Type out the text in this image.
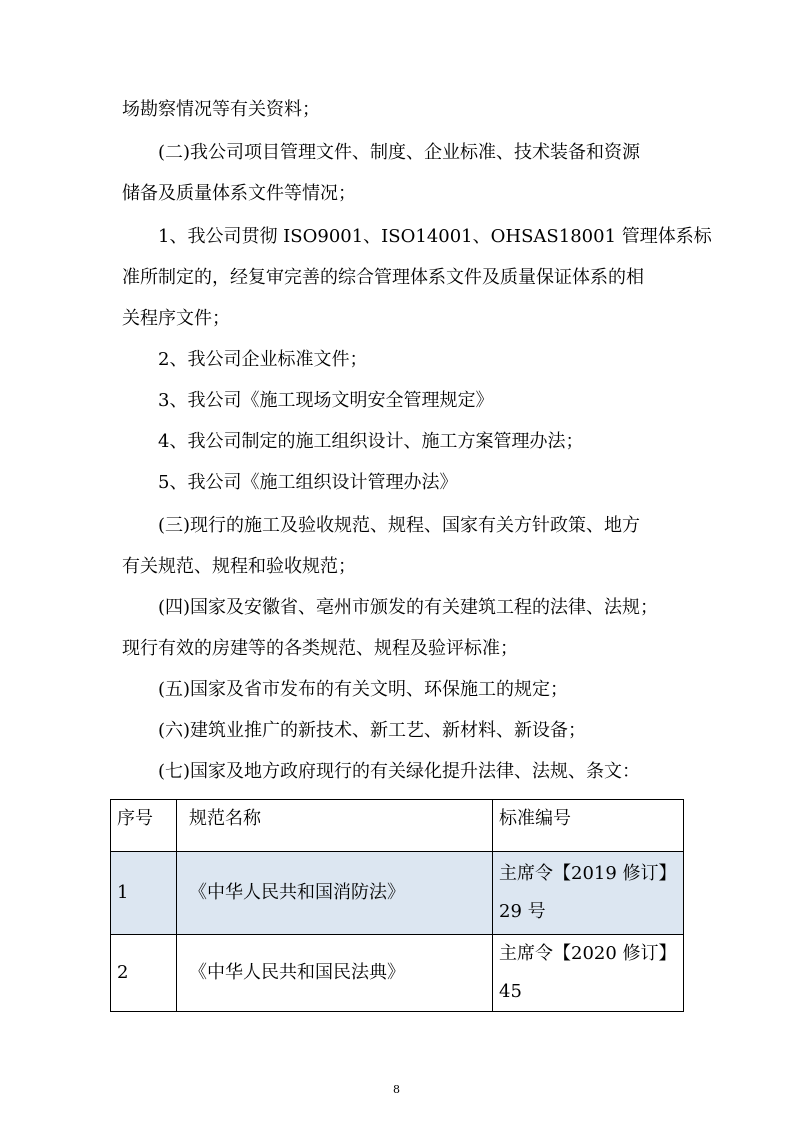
场勘察情况等有关资料；
(二)我公司项目管理文件、制度、企业标准、技术装备和资源
储备及质量体系文件等情况；
1、我公司贯彻 ISO9001、ISO14001、OHSAS18001 管理体系标
准所制定的，经复审完善的综合管理体系文件及质量保证体系的相
关程序文件；
2、我公司企业标准文件；
3、我公司《施工现场文明安全管理规定》
4、我公司制定的施工组织设计、施工方案管理办法；
5、我公司《施工组织设计管理办法》
(三)现行的施工及验收规范、规程、国家有关方针政策、地方
有关规范、规程和验收规范；
(四)国家及安徽省、亳州市颁发的有关建筑工程的法律、法规；
现行有效的房建等的各类规范、规程及验评标准；
(五)国家及省市发布的有关文明、环保施工的规定；
(六)建筑业推广的新技术、新工艺、新材料、新设备；
(七)国家及地方政府现行的有关绿化提升法律、法规、条文：
序号	规范名称	标准编号
1	《中华人民共和国消防法》	主席令【2019 修订】
29 号

2	《中华人民共和国民法典》	主席令【2020 修订】
45
8
